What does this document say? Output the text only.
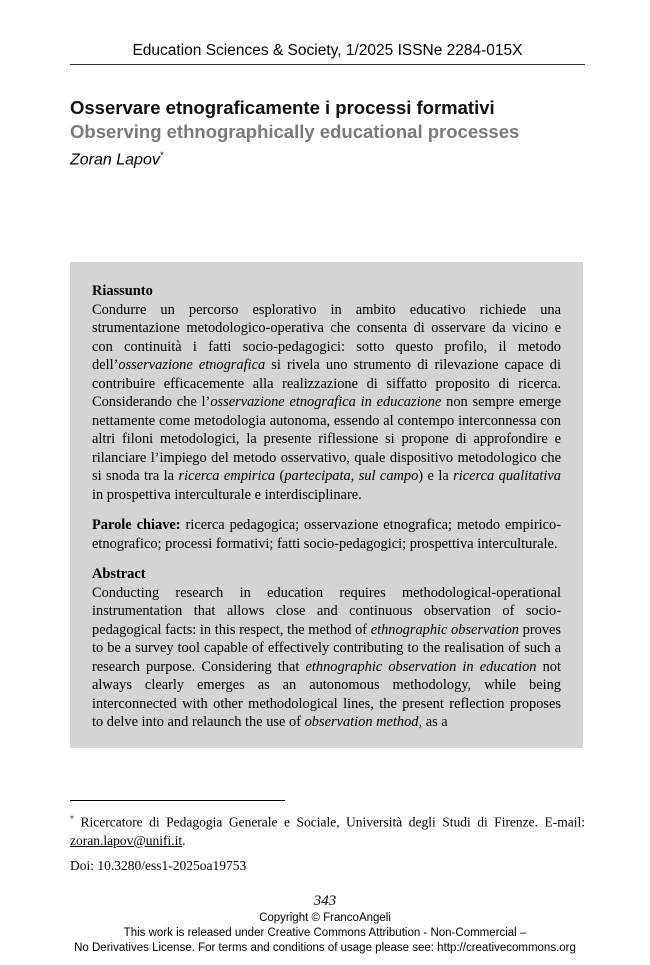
Education Sciences & Society, 1/2025 ISSNe 2284-015X
Osservare etnograficamente i processi formativi
Observing ethnographically educational processes
Zoran Lapov*

Riassunto

Condurre un percorso esplorativo in ambito educativo richiede una strumentazione metodologico-operativa che consenta di osservare da vicino e con continuità i fatti socio-pedagogici: sotto questo profilo, il metodo dell’osservazione etnografica si rivela uno strumento di rilevazione capace di contribuire efficacemente alla realizzazione di siffatto proposito di ricerca. Considerando che l’osservazione etnografica in educazione non sempre emerge nettamente come metodologia autonoma, essendo al contempo interconnessa con altri filoni metodologici, la presente riflessione si propone di approfondire e rilanciare l’impiego del metodo osservativo, quale dispositivo metodologico che si snoda tra la ricerca empirica (partecipata, sul campo) e la ricerca qualitativa in prospettiva interculturale e interdisciplinare.

Parole chiave: ricerca pedagogica; osservazione etnografica; metodo empirico-etnografico; processi formativi; fatti socio-pedagogici; prospettiva interculturale.

Abstract

Conducting research in education requires methodological-operational instrumentation that allows close and continuous observation of socio-pedagogical facts: in this respect, the method of ethnographic observation proves to be a survey tool capable of effectively contributing to the realisation of such a research purpose. Considering that ethnographic observation in education not always clearly emerges as an autonomous methodology, while being interconnected with other methodological lines, the present reflection proposes to delve into and relaunch the use of observation method, as a

* Ricercatore di Pedagogia Generale e Sociale, Università degli Studi di Firenze. E-mail: zoran.lapov@unifi.it.
Doi: 10.3280/ess1-2025oa19753
343
Copyright © FrancoAngeli
This work is released under Creative Commons Attribution - Non-Commercial –
No Derivatives License. For terms and conditions of usage please see: http://creativecommons.org
